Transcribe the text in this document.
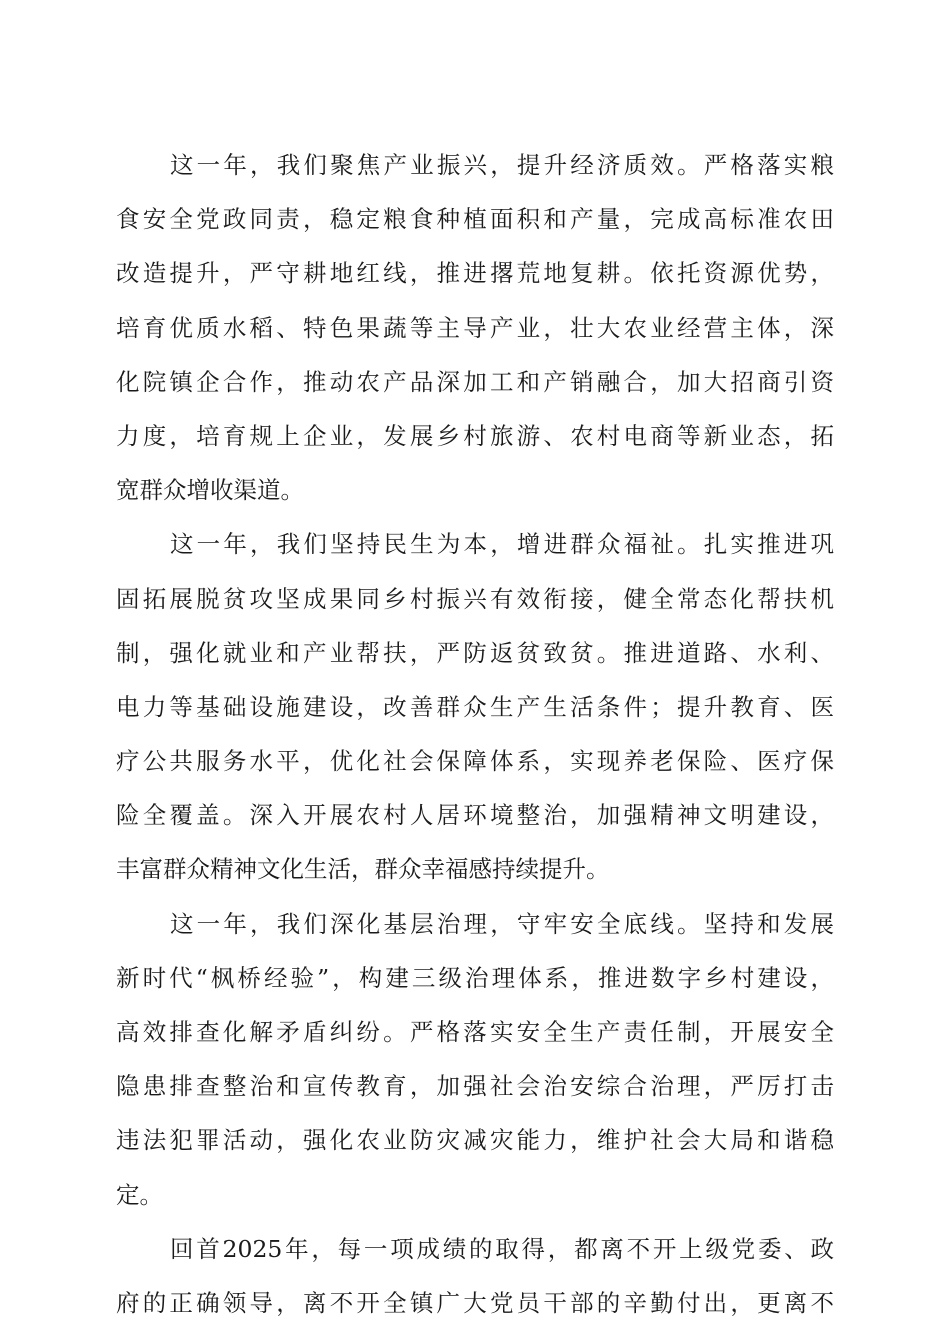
这一年，我们聚焦产业振兴，提升经济质效。严格落实粮
食安全党政同责，稳定粮食种植面积和产量，完成高标准农田
改造提升，严守耕地红线，推进撂荒地复耕。依托资源优势，
培育优质水稻、特色果蔬等主导产业，壮大农业经营主体，深
化院镇企合作，推动农产品深加工和产销融合，加大招商引资
力度，培育规上企业，发展乡村旅游、农村电商等新业态，拓
宽群众增收渠道。
这一年，我们坚持民生为本，增进群众福祉。扎实推进巩
固拓展脱贫攻坚成果同乡村振兴有效衔接，健全常态化帮扶机
制，强化就业和产业帮扶，严防返贫致贫。推进道路、水利、
电力等基础设施建设，改善群众生产生活条件；提升教育、医
疗公共服务水平，优化社会保障体系，实现养老保险、医疗保
险全覆盖。深入开展农村人居环境整治，加强精神文明建设，
丰富群众精神文化生活，群众幸福感持续提升。
这一年，我们深化基层治理，守牢安全底线。坚持和发展
新时代“枫桥经验”，构建三级治理体系，推进数字乡村建设，
高效排查化解矛盾纠纷。严格落实安全生产责任制，开展安全
隐患排查整治和宣传教育，加强社会治安综合治理，严厉打击
违法犯罪活动，强化农业防灾减灾能力，维护社会大局和谐稳
定。
回首2025年，每一项成绩的取得，都离不开上级党委、政
府的正确领导，离不开全镇广大党员干部的辛勤付出，更离不
